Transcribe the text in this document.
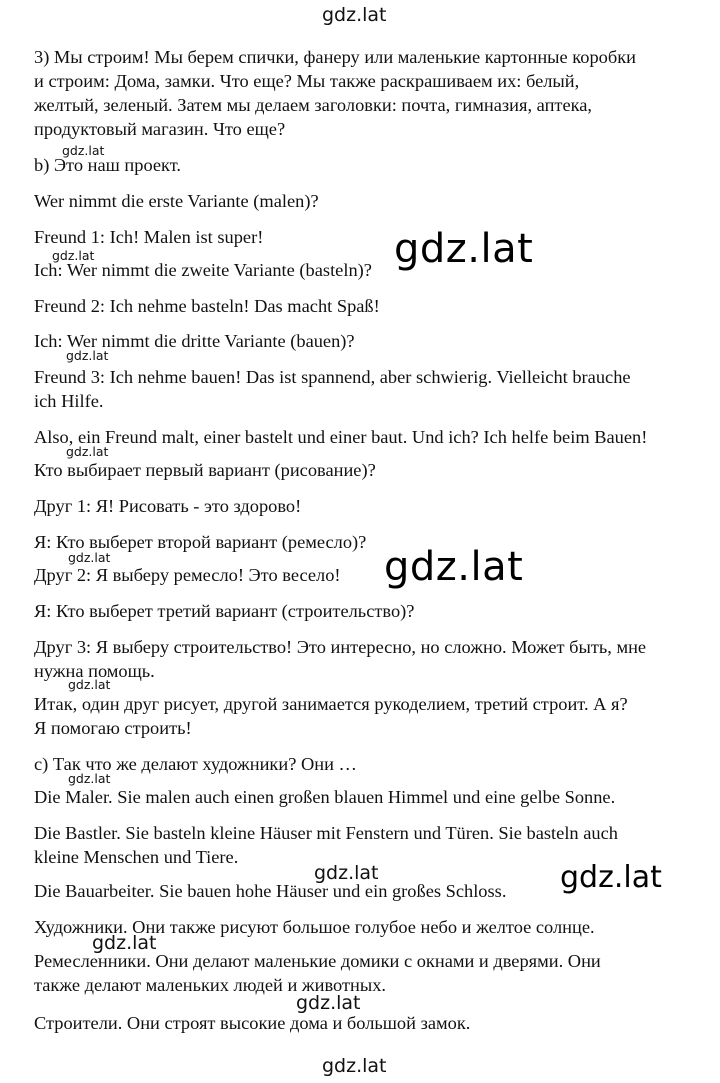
gdz.lat
gdz.lat
3) Мы строим! Мы берем спички, фанеру или маленькие картонные коробки
и строим: Дома, замки. Что еще? Мы также раскрашиваем их: белый,
желтый, зеленый. Затем мы делаем заголовки: почта, гимназия, аптека,
продуктовый магазин. Что еще?
b) Это наш проект.
Wer nimmt die erste Variante (malen)?
Freund 1: Ich! Malen ist super!
Ich: Wer nimmt die zweite Variante (basteln)?
Freund 2: Ich nehme basteln! Das macht Spaß!
Ich: Wer nimmt die dritte Variante (bauen)?
Freund 3: Ich nehme bauen! Das ist spannend, aber schwierig. Vielleicht brauche
ich Hilfe.
Also, ein Freund malt, einer bastelt und einer baut. Und ich? Ich helfe beim Bauen!
Кто выбирает первый вариант (рисование)?
Друг 1: Я! Рисовать - это здорово!
Я: Кто выберет второй вариант (ремесло)?
Друг 2: Я выберу ремесло! Это весело!
Я: Кто выберет третий вариант (строительство)?
Друг 3: Я выберу строительство! Это интересно, но сложно. Может быть, мне
нужна помощь.
Итак, один друг рисует, другой занимается рукоделием, третий строит. А я?
Я помогаю строить!
c) Так что же делают художники? Они …
Die Maler. Sie malen auch einen großen blauen Himmel und eine gelbe Sonne.
Die Bastler. Sie basteln kleine Häuser mit Fenstern und Türen. Sie basteln auch
kleine Menschen und Tiere.
Die Bauarbeiter. Sie bauen hohe Häuser und ein großes Schloss.
Художники. Они также рисуют большое голубое небо и желтое солнце.
Ремесленники. Они делают маленькие домики с окнами и дверями. Они
также делают маленьких людей и животных.
Строители. Они строят высокие дома и большой замок.
gdz.lat
gdz.lat
gdz.lat
gdz.lat
gdz.lat
gdz.lat
gdz.lat
gdz.lat
gdz.lat
gdz.lat
gdz.lat
gdz.lat
gdz.lat
